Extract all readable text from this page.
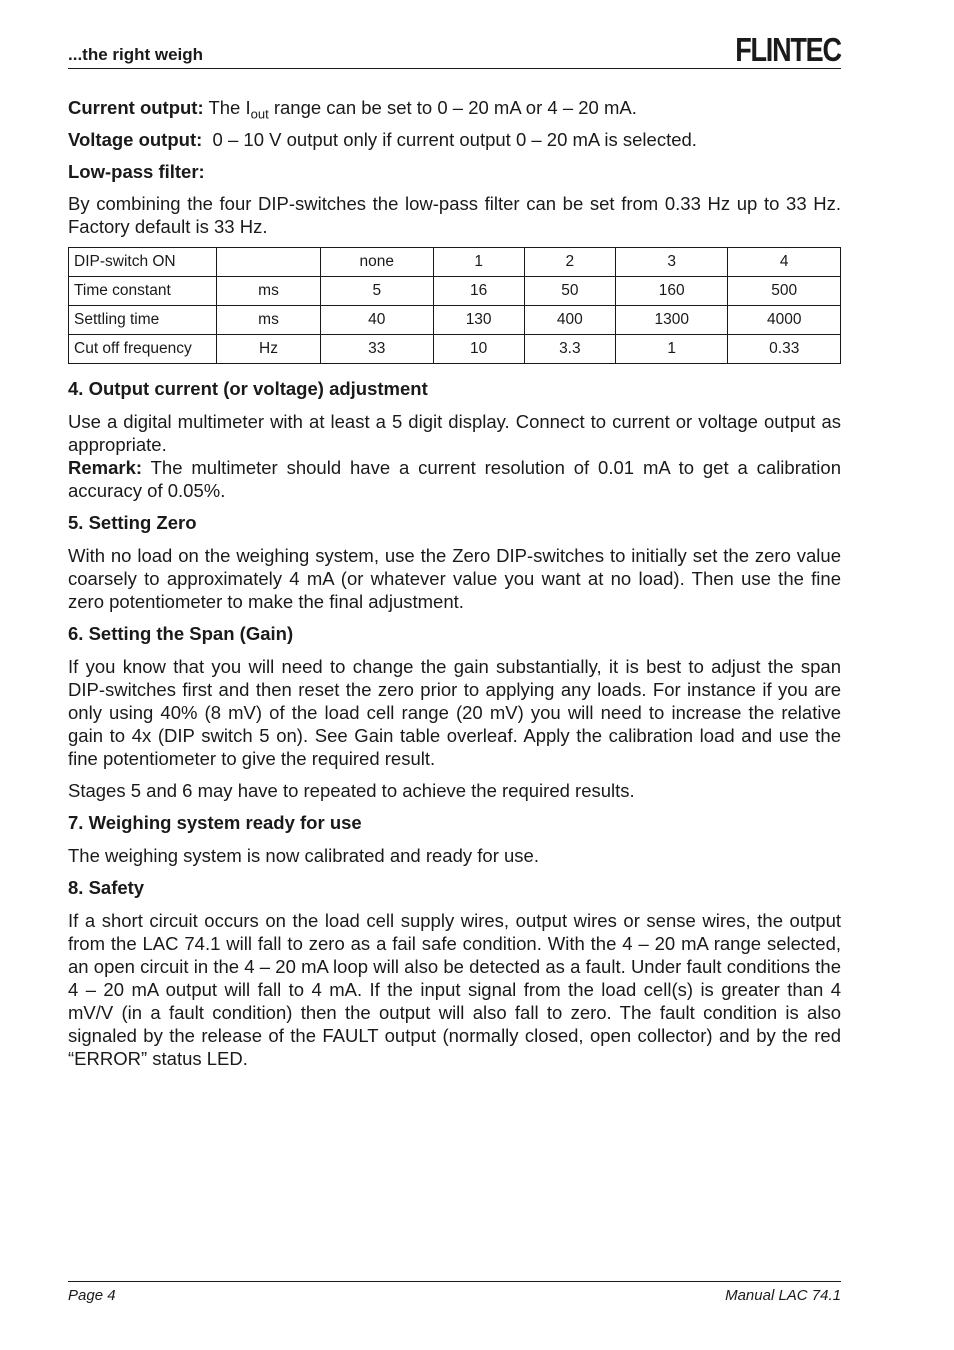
...the right weigh	FLINTEC

Current output: The $I_{out}$ range can be set to 0 – 20 mA or 4 – 20 mA.

Voltage output:  0 – 10 V output only if current output 0 – 20 mA is selected.

Low-pass filter:

By combining the four DIP-switches the low-pass filter can be set from 0.33 Hz up to 33 Hz. Factory default is 33 Hz.

DIP-switch ON		none	1	2	3	4
Time constant	ms	5	16	50	160	500
Settling time	ms	40	130	400	1300	4000
Cut off frequency	Hz	33	10	3.3	1	0.33
4. Output current (or voltage) adjustment

Use a digital multimeter with at least a 5 digit display. Connect to current or voltage output as appropriate.

Remark: The multimeter should have a current resolution of 0.01 mA to get a calibration accuracy of 0.05%.

5. Setting Zero

With no load on the weighing system, use the Zero DIP-switches to initially set the zero value coarsely to approximately 4 mA (or whatever value you want at no load). Then use the fine zero potentiometer to make the final adjustment.

6. Setting the Span (Gain)

If you know that you will need to change the gain substantially, it is best to adjust the span DIP-switches first and then reset the zero prior to applying any loads. For instance if you are only using 40% (8 mV) of the load cell range (20 mV) you will need to increase the relative gain to 4x (DIP switch 5 on). See Gain table overleaf. Apply the calibration load and use the fine potentiometer to give the required result.

Stages 5 and 6 may have to repeated to achieve the required results.

7. Weighing system ready for use

The weighing system is now calibrated and ready for use.

8. Safety

If a short circuit occurs on the load cell supply wires, output wires or sense wires, the output from the LAC 74.1 will fall to zero as a fail safe condition. With the 4 – 20 mA range selected, an open circuit in the 4 – 20 mA loop will also be detected as a fault. Under fault conditions the 4 – 20 mA output will fall to 4 mA. If the input signal from the load cell(s) is greater than 4 mV/V (in a fault condition) then the output will also fall to zero. The fault condition is also signaled by the release of the FAULT output (normally closed, open collector) and by the red “ERROR” status LED.

Page 4	Manual LAC 74.1
